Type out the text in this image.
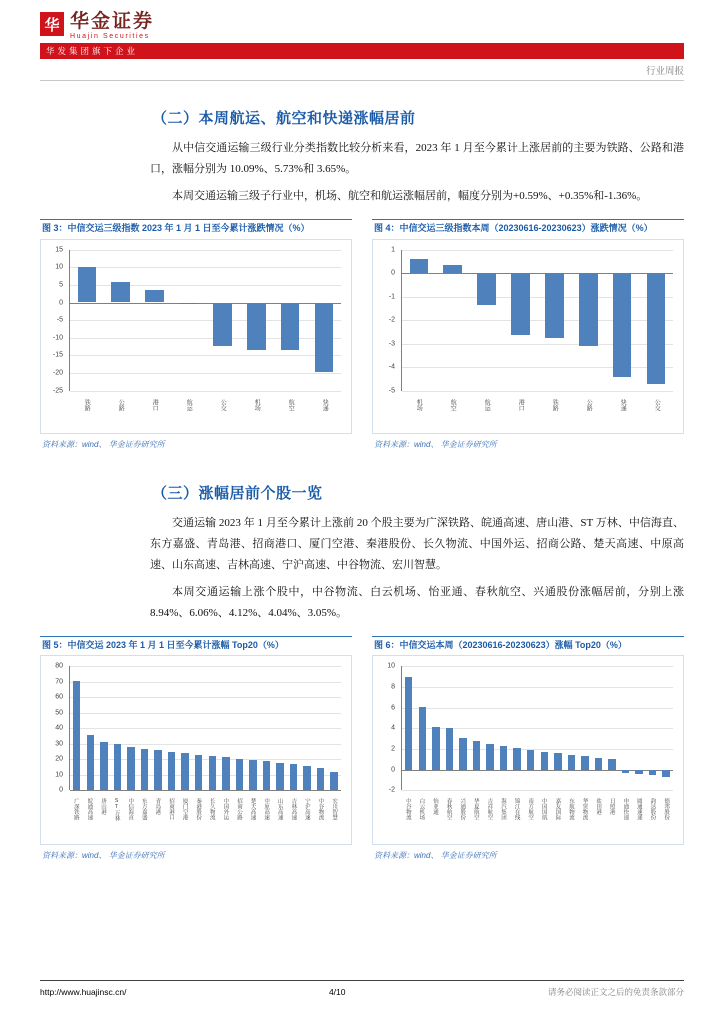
华 华金证券
Huajin Securities
华发集团旗下企业
行业周报
（二）本周航运、航空和快递涨幅居前

从中信交通运输三级行业分类指数比较分析来看，2023 年 1 月至今累计上涨居前的主要为铁路、公路和港口，涨幅分别为 10.09%、5.73%和 3.65%。

本周交通运输三级子行业中，机场、航空和航运涨幅居前，幅度分别为+0.59%、+0.35%和-1.36%。

图 3：中信交运三级指数 2023 年 1 月 1 日至今累计涨跌情况（%）
15
10
5
0
-5
-10
-15
-20
-25
铁路	公路	港口	航运	公交	机场	航空	快递
资料来源：wind、 华金证券研究所
图 4：中信交运三级指数本周（20230616-20230623）涨跌情况（%）
1
0
-1
-2
-3
-4
-5
机场	航空	航运	港口	铁路	公路	快递	公交
资料来源：wind、 华金证券研究所
（三）涨幅居前个股一览

交通运输 2023 年 1 月至今累计上涨前 20 个股主要为广深铁路、皖通高速、唐山港、ST 万林、中信海直、东方嘉盛、青岛港、招商港口、厦门空港、秦港股份、长久物流、中国外运、招商公路、楚天高速、中原高速、山东高速、吉林高速、宁沪高速、中谷物流、宏川智慧。

本周交通运输上涨个股中，中谷物流、白云机场、怡亚通、春秋航空、兴通股份涨幅居前，分别上涨 8.94%、6.06%、4.12%、4.04%、3.05%。

图 5：中信交运 2023 年 1 月 1 日至今累计涨幅 Top20（%）
80
70
60
50
40
30
20
10
0
广深铁路 皖通高速 唐山港 ST万林 中信海直 东方嘉盛 青岛港 招商港口 厦门空港 秦港股份 长久物流 中国外运 招商公路 楚天高速 中原高速 山东高速 吉林高速 宁沪高速 中谷物流 宏川智慧
资料来源：wind、 华金证券研究所
图 6：中信交运本周（20230616-20230623）涨幅 Top20（%）
10
8
6
4
2
0
-2
中谷物流 白云机场 怡亚通 春秋航空 兴通股份 华夏航空 吉祥航空 海汽集团 锦江在线 南方航空 中国国航 嘉友国际 东航物流 华贸物流 盐田港 日照港 申通快递 圆通速递 韵达股份 德邦股份
资料来源：wind、 华金证券研究所
http://www.huajinsc.cn/	4/10	请务必阅读正文之后的免责条款部分
